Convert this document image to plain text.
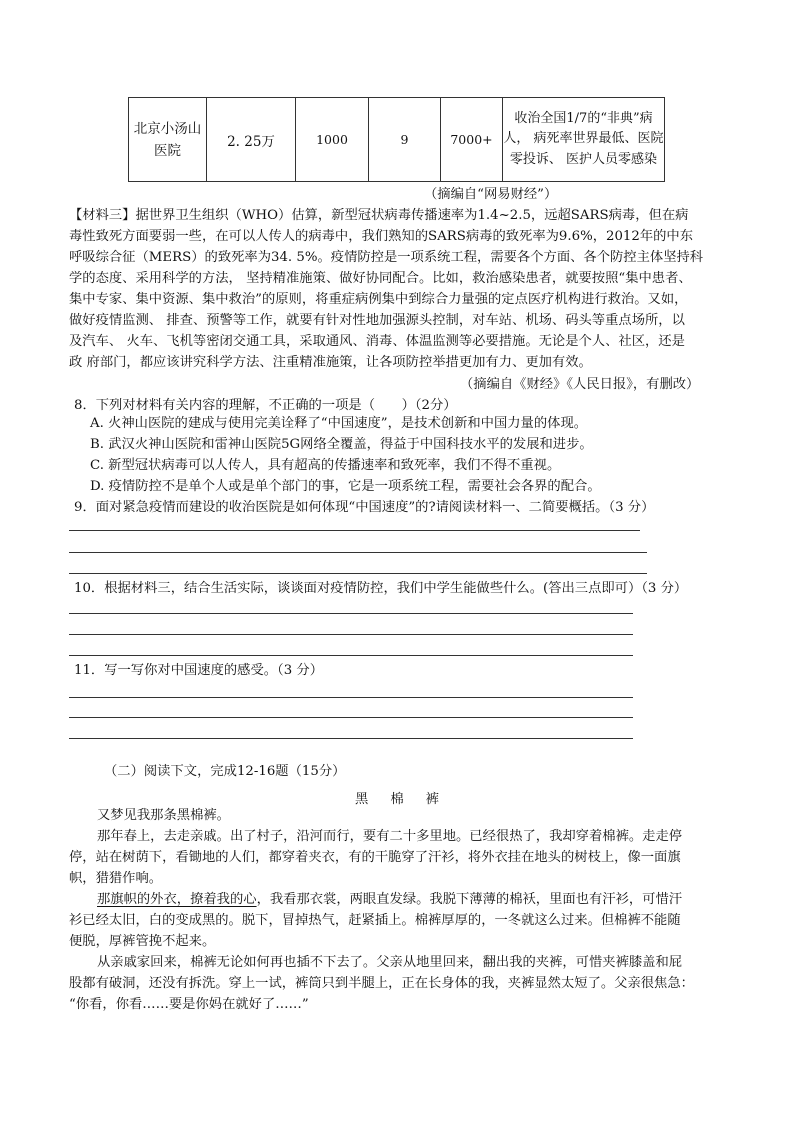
北京小汤山医院	2. 25万	1000	9	7000+	收治全国1/7的“非典”病人， 病死率世界最低、医院零投诉、 医护人员零感染
（摘编自“网易财经”）
【材料三】据世界卫生组织（WHO）估算，新型冠状病毒传播速率为1.4~2.5，远超SARS病毒，但在病
毒性致死方面要弱一些，在可以人传人的病毒中，我们熟知的SARS病毒的致死率为9.6%，2012年的中东
呼吸综合征（MERS）的致死率为34. 5%。疫情防控是一项系统工程，需要各个方面、各个防控主体坚持科
学的态度、采用科学的方法， 坚持精准施策、做好协同配合。比如，救治感染患者，就要按照“集中患者、
集中专家、集中资源、集中救治”的原则，将重症病例集中到综合力量强的定点医疗机构进行救治。又如，
做好疫情监测、 排查、预警等工作，就要有针对性地加强源头控制，对车站、机场、码头等重点场所，以
及汽车、 火车、飞机等密闭交通工具，采取通风、消毒、体温监测等必要措施。无论是个人、社区，还是
政 府部门，都应该讲究科学方法、注重精准施策，让各项防控举措更加有力、更加有效。
（摘编自《财经》《人民日报》，有删改）
8．下列对材料有关内容的理解，不正确的一项是（　　）（2分）
A. 火神山医院的建成与使用完美诠释了“中国速度”，是技术创新和中国力量的体现。
B. 武汉火神山医院和雷神山医院5G网络全覆盖，得益于中国科技水平的发展和进步。
C. 新型冠状病毒可以人传人，具有超高的传播速率和致死率，我们不得不重视。
D. 疫情防控不是单个人或是单个部门的事，它是一项系统工程，需要社会各界的配合。
9．面对紧急疫情而建设的收治医院是如何体现“中国速度”的?请阅读材料一、二简要概括。（3 分）
10．根据材料三，结合生活实际，谈谈面对疫情防控，我们中学生能做些什么。(答出三点即可）（3 分）
11．写一写你对中国速度的感受。（3 分）
（二）阅读下文，完成12-16题（15分）
黑 棉 裤
又梦见我那条黑棉裤。
那年春上，去走亲戚。出了村子，沿河而行，要有二十多里地。已经很热了，我却穿着棉裤。走走停
停，站在树荫下，看锄地的人们，都穿着夹衣，有的干脆穿了汗衫，将外衣挂在地头的树枝上，像一面旗
帜，猎猎作响。
那旗帜的外衣，撩着我的心，我看那衣裳，两眼直发绿。我脱下薄薄的棉袄，里面也有汗衫，可惜汗
衫已经太旧，白的变成黑的。脱下，冒掉热气，赶紧插上。棉裤厚厚的，一冬就这么过来。但棉裤不能随
便脱，厚裤管挽不起来。
从亲戚家回来，棉裤无论如何再也插不下去了。父亲从地里回来，翻出我的夹裤，可惜夹裤膝盖和屁
股都有破洞，还没有拆洗。穿上一试，裤筒只到半腿上，正在长身体的我，夹裤显然太短了。父亲很焦急：
“你看，你看……要是你妈在就好了……”
